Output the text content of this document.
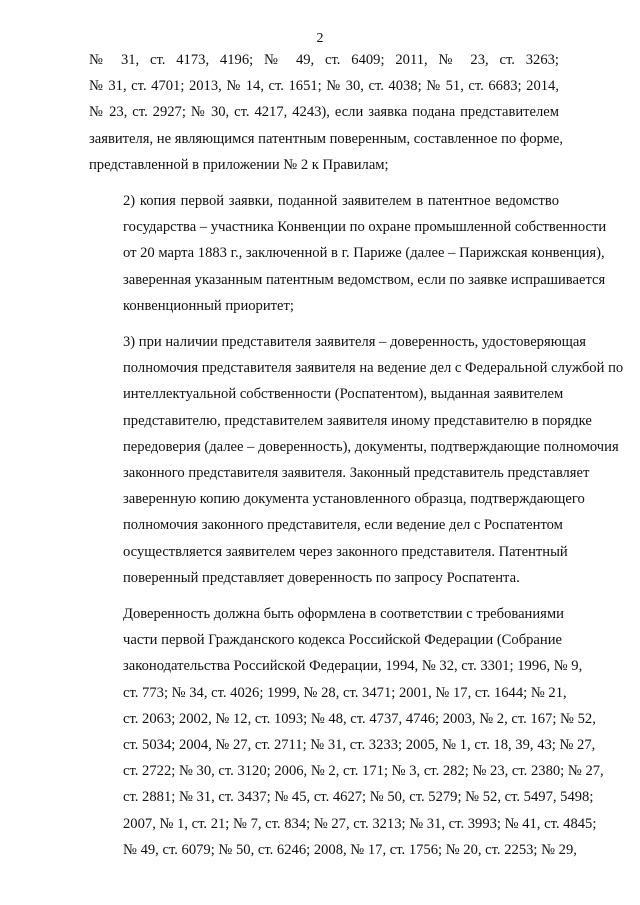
2
№ 31, ст. 4173, 4196; № 49, ст. 6409; 2011, № 23, ст. 3263;
№ 31, ст. 4701; 2013, № 14, ст. 1651; № 30, ст. 4038; № 51, ст. 6683; 2014,
№ 23, ст. 2927; № 30, ст. 4217, 4243), если заявка подана представителем
заявителя, не являющимся патентным поверенным, составленное по форме,
представленной в приложении № 2 к Правилам;
2) копия первой заявки, поданной заявителем в патентное ведомство
государства – участника Конвенции по охране промышленной собственности
от 20 марта 1883 г., заключенной в г. Париже (далее – Парижская конвенция),
заверенная указанным патентным ведомством, если по заявке испрашивается
конвенционный приоритет;
3) при наличии представителя заявителя – доверенность, удостоверяющая
полномочия представителя заявителя на ведение дел с Федеральной службой по
интеллектуальной собственности (Роспатентом), выданная заявителем
представителю, представителем заявителя иному представителю в порядке
передоверия (далее – доверенность), документы, подтверждающие полномочия
законного представителя заявителя. Законный представитель представляет
заверенную копию документа установленного образца, подтверждающего
полномочия законного представителя, если ведение дел с Роспатентом
осуществляется заявителем через законного представителя. Патентный
поверенный представляет доверенность по запросу Роспатента.
Доверенность должна быть оформлена в соответствии с требованиями
части первой Гражданского кодекса Российской Федерации (Собрание
законодательства Российской Федерации, 1994, № 32, ст. 3301; 1996, № 9,
ст. 773; № 34, ст. 4026; 1999, № 28, ст. 3471; 2001, № 17, ст. 1644; № 21,
ст. 2063; 2002, № 12, ст. 1093; № 48, ст. 4737, 4746; 2003, № 2, ст. 167; № 52,
ст. 5034; 2004, № 27, ст. 2711; № 31, ст. 3233; 2005, № 1, ст. 18, 39, 43; № 27,
ст. 2722; № 30, ст. 3120; 2006, № 2, ст. 171; № 3, ст. 282; № 23, ст. 2380; № 27,
ст. 2881; № 31, ст. 3437; № 45, ст. 4627; № 50, ст. 5279; № 52, ст. 5497, 5498;
2007, № 1, ст. 21; № 7, ст. 834; № 27, ст. 3213; № 31, ст. 3993; № 41, ст. 4845;
№ 49, ст. 6079; № 50, ст. 6246; 2008, № 17, ст. 1756; № 20, ст. 2253; № 29,
